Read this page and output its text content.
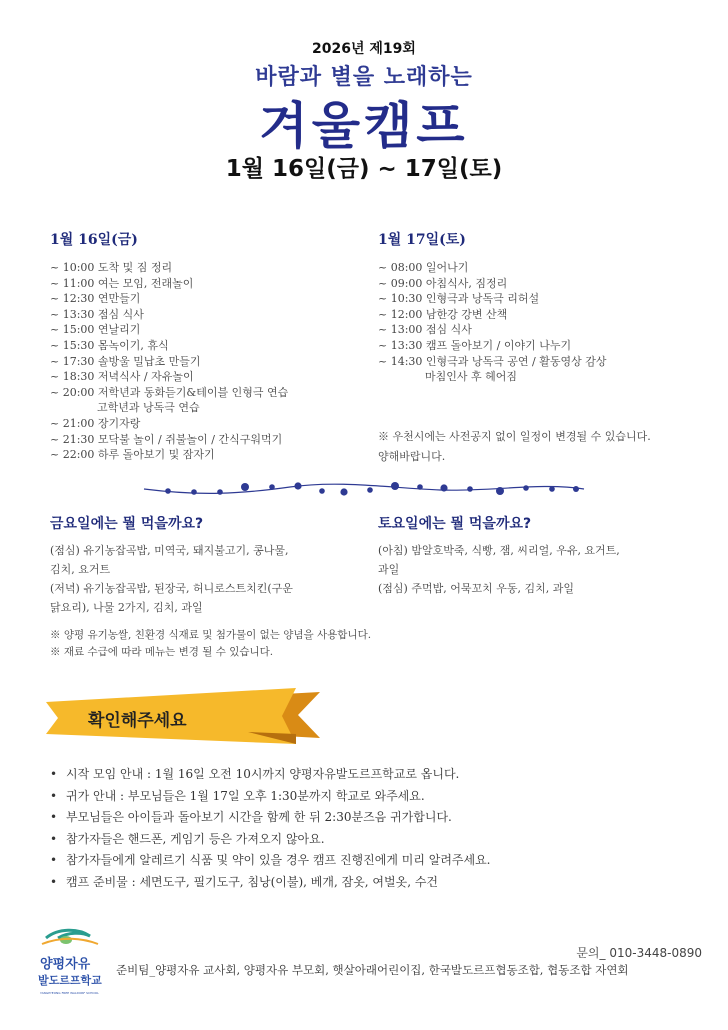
2026년 제19회
바람과 별을 노래하는
겨울캠프
1월 16일(금) ~ 17일(토)
1월 16일(금)
~ 10:00 도착 및 짐 정리
~ 11:00 여는 모임, 전래놀이
~ 12:30 연만들기
~ 13:30 점심 식사
~ 15:00 연날리기
~ 15:30 몸녹이기, 휴식
~ 17:30 솔방울 밀납초 만들기
~ 18:30 저녁식사 / 자유놀이
~ 20:00 저학년과 동화듣기&테이블 인형극 연습
고학년과 낭독극 연습
~ 21:00 장기자랑
~ 21:30 모닥불 놀이 / 쥐불놀이 / 간식구워먹기
~ 22:00 하루 돌아보기 및 잠자기
1월 17일(토)
~ 08:00 일어나기
~ 09:00 아침식사, 짐정리
~ 10:30 인형극과 낭독극 리허설
~ 12:00 남한강 강변 산책
~ 13:00 점심 식사
~ 13:30 캠프 돌아보기 / 이야기 나누기
~ 14:30 인형극과 낭독극 공연 / 활동영상 감상
마침인사 후 헤어짐
※ 우천시에는 사전공지 없이 일정이 변경될 수 있습니다.
양해바랍니다.
금요일에는 뭘 먹을까요?
(점심) 유기농잡곡밥, 미역국, 돼지불고기, 콩나물,
김치, 요거트
(저녁) 유기농잡곡밥, 된장국, 허니로스트치킨(구운
닭요리), 나물 2가지, 김치, 과일
토요일에는 뭘 먹을까요?
(아침) 밤알호박죽, 식빵, 잼, 씨리얼, 우유, 요거트,
과일
(점심) 주먹밥, 어묵꼬치 우동, 김치, 과일
※ 양평 유기농쌀, 친환경 식재료 및 첨가물이 없는 양념을 사용합니다.
※ 재료 수급에 따라 메뉴는 변경 될 수 있습니다.
확인해주세요
• 시작 모임 안내 : 1월 16일 오전 10시까지 양평자유발도르프학교로 옵니다.
• 귀가 안내 : 부모님들은 1월 17일 오후 1:30분까지 학교로 와주세요.
• 부모님들은 아이들과 돌아보기 시간을 함께 한 뒤 2:30분즈음 귀가합니다.
• 참가자들은 핸드폰, 게임기 등은 가져오지 않아요.
• 참가자들에게 알레르기 식품 및 약이 있을 경우 캠프 진행진에게 미리 알려주세요.
• 캠프 준비물 : 세면도구, 필기도구, 침낭(이불), 베개, 잠옷, 여벌옷, 수건
양평자유
발도르프학교
YANGPYEONG FREE WALDORF SCHOOL
문의_ 010-3448-0890
준비팀_양평자유 교사회, 양평자유 부모회, 햇살아래어린이집, 한국발도르프협동조합, 협동조합 자연회
